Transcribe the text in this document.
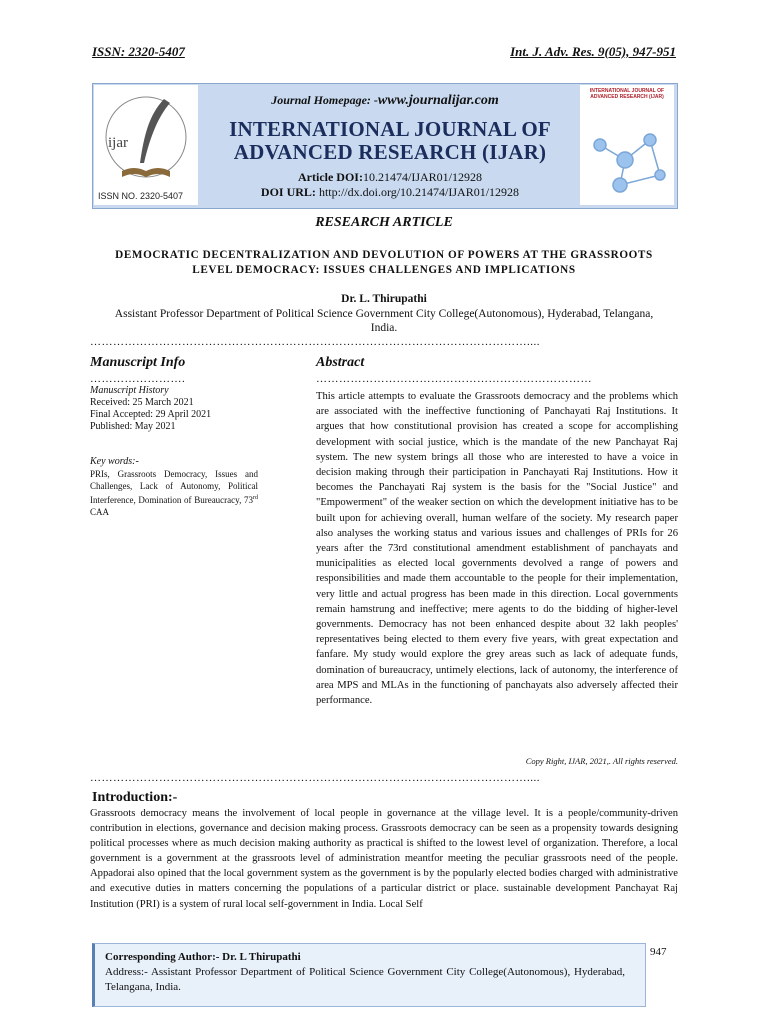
ISSN: 2320-5407	Int. J. Adv. Res. 9(05), 947-951
ijar
ISSN NO. 2320-5407
INTERNATIONAL JOURNAL OF ADVANCED RESEARCH (IJAR)
Journal Homepage: -www.journalijar.com
INTERNATIONAL JOURNAL OF
ADVANCED RESEARCH (IJAR)
Article DOI:10.21474/IJAR01/12928
DOI URL: http://dx.doi.org/10.21474/IJAR01/12928
RESEARCH ARTICLE
DEMOCRATIC DECENTRALIZATION AND DEVOLUTION OF POWERS AT THE GRASSROOTS
LEVEL DEMOCRACY: ISSUES CHALLENGES AND IMPLICATIONS
Dr. L. Thirupathi
Assistant Professor Department of Political Science Government City College(Autonomous), Hyderabad, Telangana, India.
……………………………………………………………………………………………………....
Manuscript Info
…………………….

Manuscript History

Received: 25 March 2021

Final Accepted: 29 April 2021

Published: May 2021

Key words:-
PRIs, Grassroots Democracy, Issues and Challenges, Lack of Autonomy, Political Interference, Domination of Bureaucracy, 73rd CAA
Abstract
………………………………………………………………
This article attempts to evaluate the Grassroots democracy and the problems which are associated with the ineffective functioning of Panchayati Raj Institutions. It argues that how constitutional provision has created a scope for accomplishing development with social justice, which is the mandate of the new Panchayat Raj system. The new system brings all those who are interested to have a voice in decision making through their participation in Panchayati Raj Institutions. How it becomes the Panchayati Raj system is the basis for the "Social Justice" and "Empowerment" of the weaker section on which the development initiative has to be built upon for achieving overall, human welfare of the society. My research paper also analyses the working status and various issues and challenges of PRIs for 26 years after the 73rd constitutional amendment establishment of panchayats and municipalities as elected local governments devolved a range of powers and responsibilities and made them accountable to the people for their implementation, very little and actual progress has been made in this direction. Local governments remain hamstrung and ineffective; mere agents to do the bidding of higher-level governments. Democracy has not been enhanced despite about 32 lakh peoples' representatives being elected to them every five years, with great expectation and fanfare. My study would explore the grey areas such as lack of adequate funds, domination of bureaucracy, untimely elections, lack of autonomy, the interference of area MPS and MLAs in the functioning of panchayats also adversely affected their performance.
Copy Right, IJAR, 2021,. All rights reserved.
……………………………………………………………………………………………………....
Introduction:-
Grassroots democracy means the involvement of local people in governance at the village level. It is a people/community-driven contribution in elections, governance and decision making process. Grassroots democracy can be seen as a propensity towards designing political processes where as much decision making authority as practical is shifted to the lowest level of organization. Therefore, a local government is a government at the grassroots level of administration meantfor meeting the peculiar grassroots need of the people. Appadorai also opined that the local government system as the government is by the popularly elected bodies charged with administrative and executive duties in matters concerning the populations of a particular district or place. sustainable development Panchayat Raj Institution (PRI) is a system of rural local self-government in India. Local Self
Corresponding Author:- Dr. L Thirupathi
Address:- Assistant Professor Department of Political Science Government City College(Autonomous), Hyderabad, Telangana, India.
947
